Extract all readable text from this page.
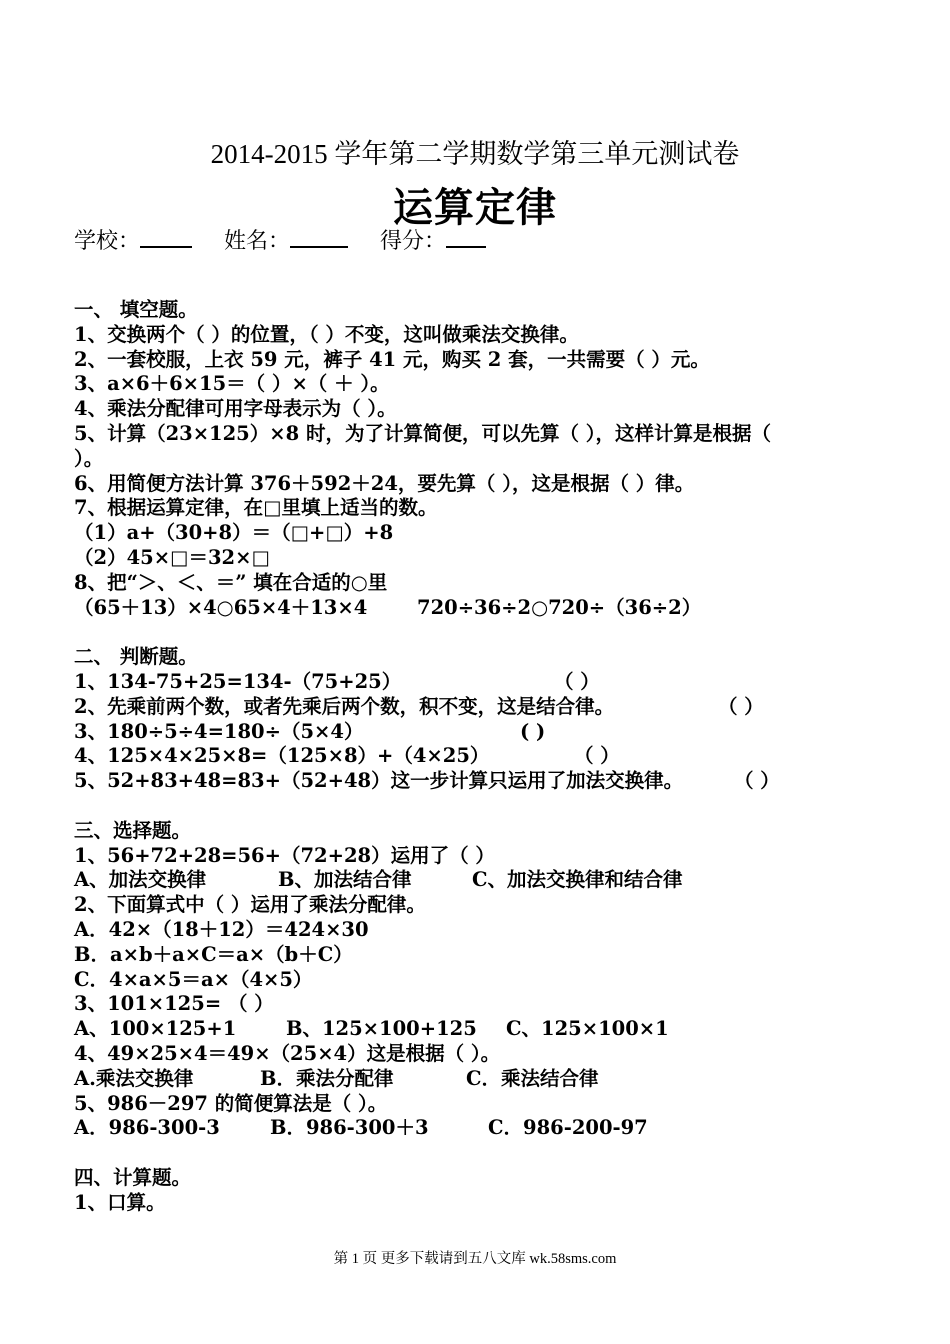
2014-2015 学年第二学期数学第三单元测试卷
运算定律
学校：	姓名：	得分：
一、 填空题。
1、交换两个（ ）的位置，（ ）不变，这叫做乘法交换律。
2、一套校服，上衣 59 元，裤子 41 元，购买 2 套，一共需要（ ）元。
3、a×6＋6×15＝（ ）×（ ＋ ）。
4、乘法分配律可用字母表示为（ ）。
5、计算（23×125）×8 时，为了计算简便，可以先算（ ），这样计算是根据（
）。
6、用简便方法计算 376＋592＋24，要先算（ ），这是根据（ ）律。
7、根据运算定律，在□里填上适当的数。
（1）a+（30+8）＝（□+□）+8
（2）45×□＝32×□
8、把“＞、＜、＝” 填在合适的○里
（65＋13）×4○65×4＋13×4	720÷36÷2○720÷（36÷2）
二、 判断题。
1、134-75+25=134-（75+25）	（ ）
2、先乘前两个数，或者先乘后两个数，积不变，这是结合律。	（ ）
3、180÷5÷4=180÷（5×4）	( )
4、125×4×25×8=（125×8）+（4×25）	（ ）
5、52+83+48=83+（52+48）这一步计算只运用了加法交换律。	（ ）
三、选择题。
1、56+72+28=56+（72+28）运用了（ ）
A、加法交换律	B、加法结合律	C、加法交换律和结合律
2、下面算式中（ ）运用了乘法分配律。
A．42×（18＋12）＝424×30
B．a×b＋a×C＝a×（b＋C）
C．4×a×5＝a×（4×5）
3、101×125= （ ）
A、100×125+1	B、125×100+125 C、125×100×1
4、49×25×4＝49×（25×4）这是根据（ ）。
A.乘法交换律	B．乘法分配律	C．乘法结合律
5、986－297 的简便算法是（ ）。
A．986-300-3	B．986-300＋3	C．986-200-97
四、计算题。
1、口算。
第 1 页 更多下载请到五八文库 wk.58sms.com
